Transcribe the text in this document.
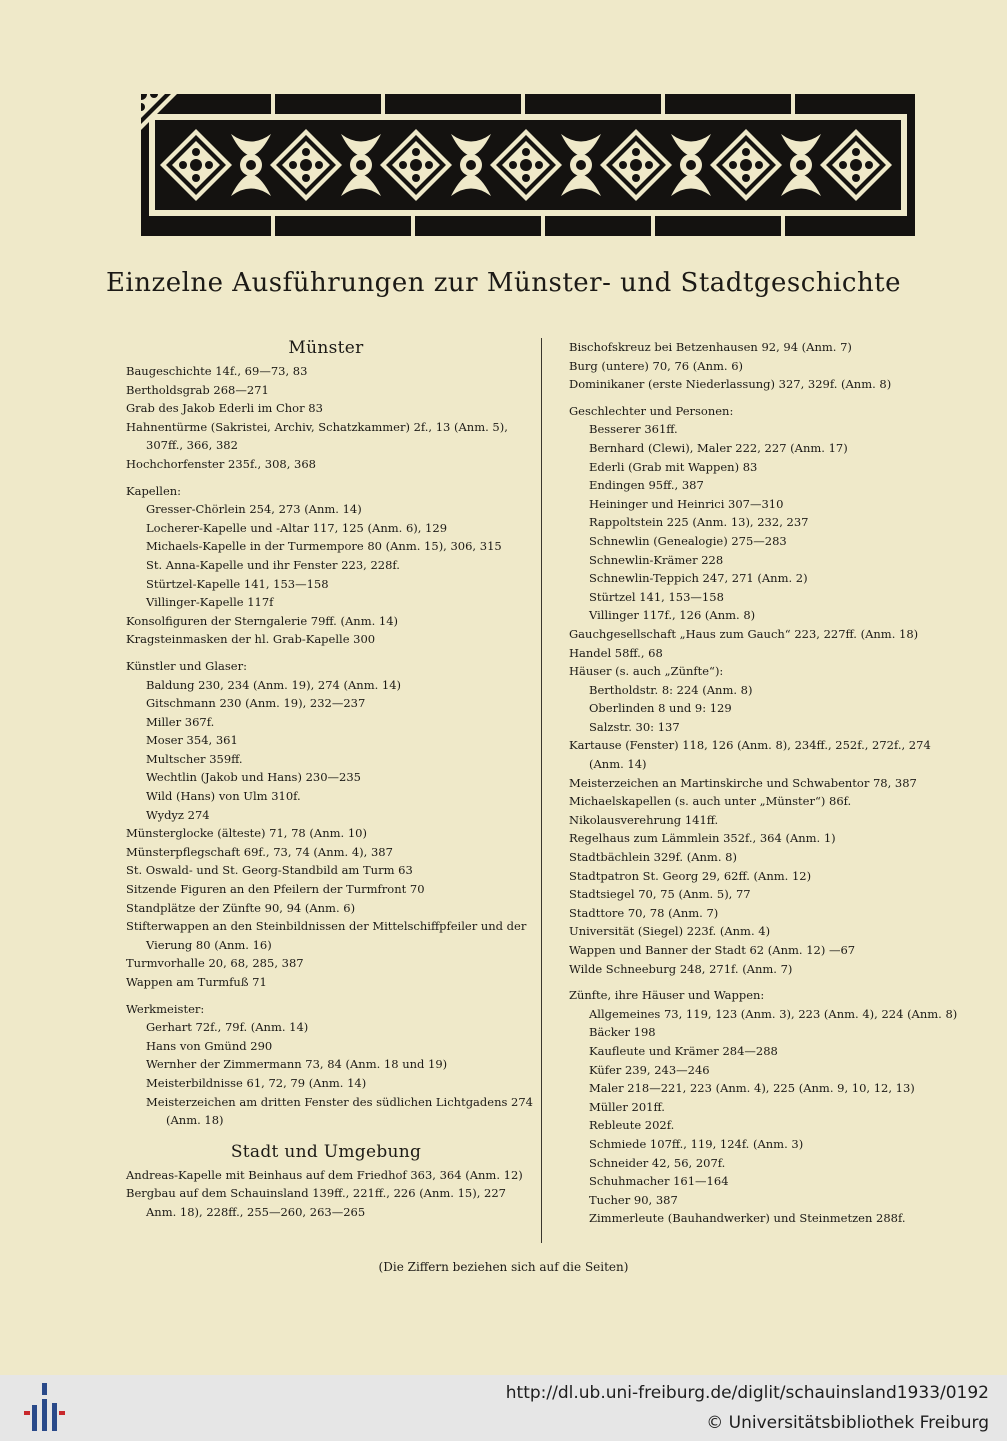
Einzelne Ausführungen zur Münster- und Stadtgeschichte
Münster
Baugeschichte 14f., 69—73, 83
Bertholdsgrab 268—271
Grab des Jakob Ederli im Chor 83
Hahnentürme (Sakristei, Archiv, Schatzkammer) 2f., 13 (Anm. 5),
307ff., 366, 382
Hochchorfenster 235f., 308, 368
Kapellen:
Gresser-Chörlein 254, 273 (Anm. 14)
Locherer-Kapelle und -Altar 117, 125 (Anm. 6), 129
Michaels-Kapelle in der Turmempore 80 (Anm. 15), 306, 315
St. Anna-Kapelle und ihr Fenster 223, 228f.
Stürtzel-Kapelle 141, 153—158
Villinger-Kapelle 117f
Konsolfiguren der Sterngalerie 79ff. (Anm. 14)
Kragsteinmasken der hl. Grab-Kapelle 300
Künstler und Glaser:
Baldung 230, 234 (Anm. 19), 274 (Anm. 14)
Gitschmann 230 (Anm. 19), 232—237
Miller 367f.
Moser 354, 361
Multscher 359ff.
Wechtlin (Jakob und Hans) 230—235
Wild (Hans) von Ulm 310f.
Wydyz 274
Münsterglocke (älteste) 71, 78 (Anm. 10)
Münsterpflegschaft 69f., 73, 74 (Anm. 4), 387
St. Oswald- und St. Georg-Standbild am Turm 63
Sitzende Figuren an den Pfeilern der Turmfront 70
Standplätze der Zünfte 90, 94 (Anm. 6)
Stifterwappen an den Steinbildnissen der Mittelschiffpfeiler und der
Vierung 80 (Anm. 16)
Turmvorhalle 20, 68, 285, 387
Wappen am Turmfuß 71
Werkmeister:
Gerhart 72f., 79f. (Anm. 14)
Hans von Gmünd 290
Wernher der Zimmermann 73, 84 (Anm. 18 und 19)
Meisterbildnisse 61, 72, 79 (Anm. 14)
Meisterzeichen am dritten Fenster des südlichen Lichtgadens 274
(Anm. 18)
Stadt und Umgebung
Andreas-Kapelle mit Beinhaus auf dem Friedhof 363, 364 (Anm. 12)
Bergbau auf dem Schauinsland 139ff., 221ff., 226 (Anm. 15), 227
Anm. 18), 228ff., 255—260, 263—265
Bischofskreuz bei Betzenhausen 92, 94 (Anm. 7)
Burg (untere) 70, 76 (Anm. 6)
Dominikaner (erste Niederlassung) 327, 329f. (Anm. 8)
Geschlechter und Personen:
Besserer 361ff.
Bernhard (Clewi), Maler 222, 227 (Anm. 17)
Ederli (Grab mit Wappen) 83
Endingen 95ff., 387
Heininger und Heinrici 307—310
Rappoltstein 225 (Anm. 13), 232, 237
Schnewlin (Genealogie) 275—283
Schnewlin-Krämer 228
Schnewlin-Teppich 247, 271 (Anm. 2)
Stürtzel 141, 153—158
Villinger 117f., 126 (Anm. 8)
Gauchgesellschaft „Haus zum Gauch“ 223, 227ff. (Anm. 18)
Handel 58ff., 68
Häuser (s. auch „Zünfte“):
Bertholdstr. 8: 224 (Anm. 8)
Oberlinden 8 und 9: 129
Salzstr. 30: 137
Kartause (Fenster) 118, 126 (Anm. 8), 234ff., 252f., 272f., 274
(Anm. 14)
Meisterzeichen an Martinskirche und Schwabentor 78, 387
Michaelskapellen (s. auch unter „Münster“) 86f.
Nikolausverehrung 141ff.
Regelhaus zum Lämmlein 352f., 364 (Anm. 1)
Stadtbächlein 329f. (Anm. 8)
Stadtpatron St. Georg 29, 62ff. (Anm. 12)
Stadtsiegel 70, 75 (Anm. 5), 77
Stadttore 70, 78 (Anm. 7)
Universität (Siegel) 223f. (Anm. 4)
Wappen und Banner der Stadt 62 (Anm. 12) —67
Wilde Schneeburg 248, 271f. (Anm. 7)
Zünfte, ihre Häuser und Wappen:
Allgemeines 73, 119, 123 (Anm. 3), 223 (Anm. 4), 224 (Anm. 8)
Bäcker 198
Kaufleute und Krämer 284—288
Küfer 239, 243—246
Maler 218—221, 223 (Anm. 4), 225 (Anm. 9, 10, 12, 13)
Müller 201ff.
Rebleute 202f.
Schmiede 107ff., 119, 124f. (Anm. 3)
Schneider 42, 56, 207f.
Schuhmacher 161—164
Tucher 90, 387
Zimmerleute (Bauhandwerker) und Steinmetzen 288f.
(Die Ziffern beziehen sich auf die Seiten)
http://dl.ub.uni-freiburg.de/diglit/schauinsland1933/0192
© Universitätsbibliothek Freiburg
